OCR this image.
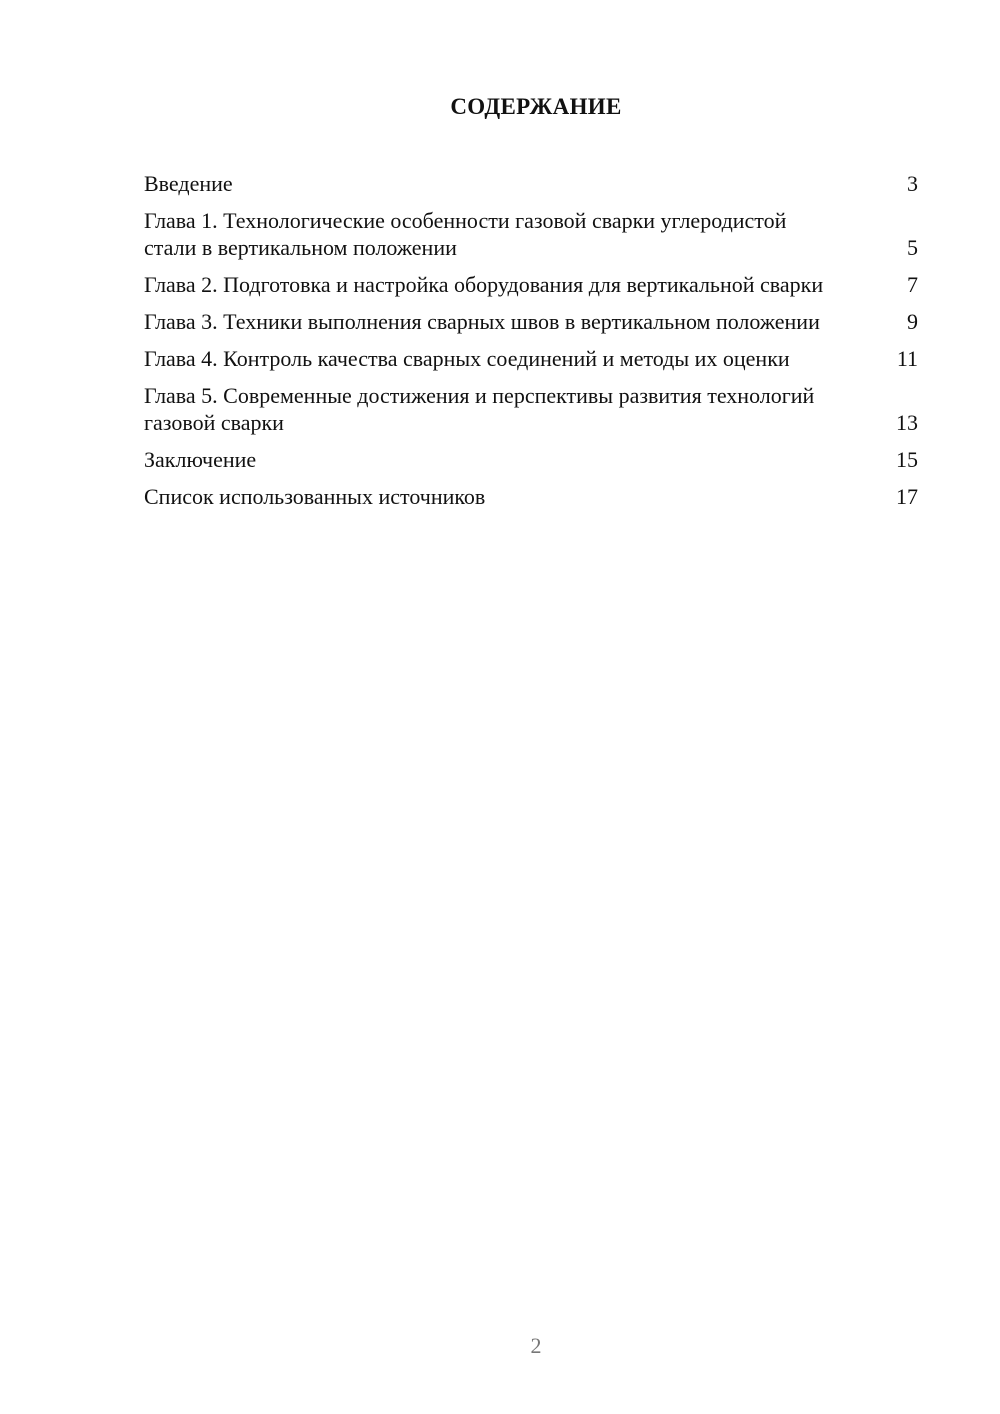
СОДЕРЖАНИЕ
Введение	3
Глава 1. Технологические особенности газовой сварки углеродистой стали в вертикальном положении	5
Глава 2. Подготовка и настройка оборудования для вертикальной сварки	7
Глава 3. Техники выполнения сварных швов в вертикальном положении	9
Глава 4. Контроль качества сварных соединений и методы их оценки	11
Глава 5. Современные достижения и перспективы развития технологий газовой сварки	13
Заключение	15
Список использованных источников	17
2
